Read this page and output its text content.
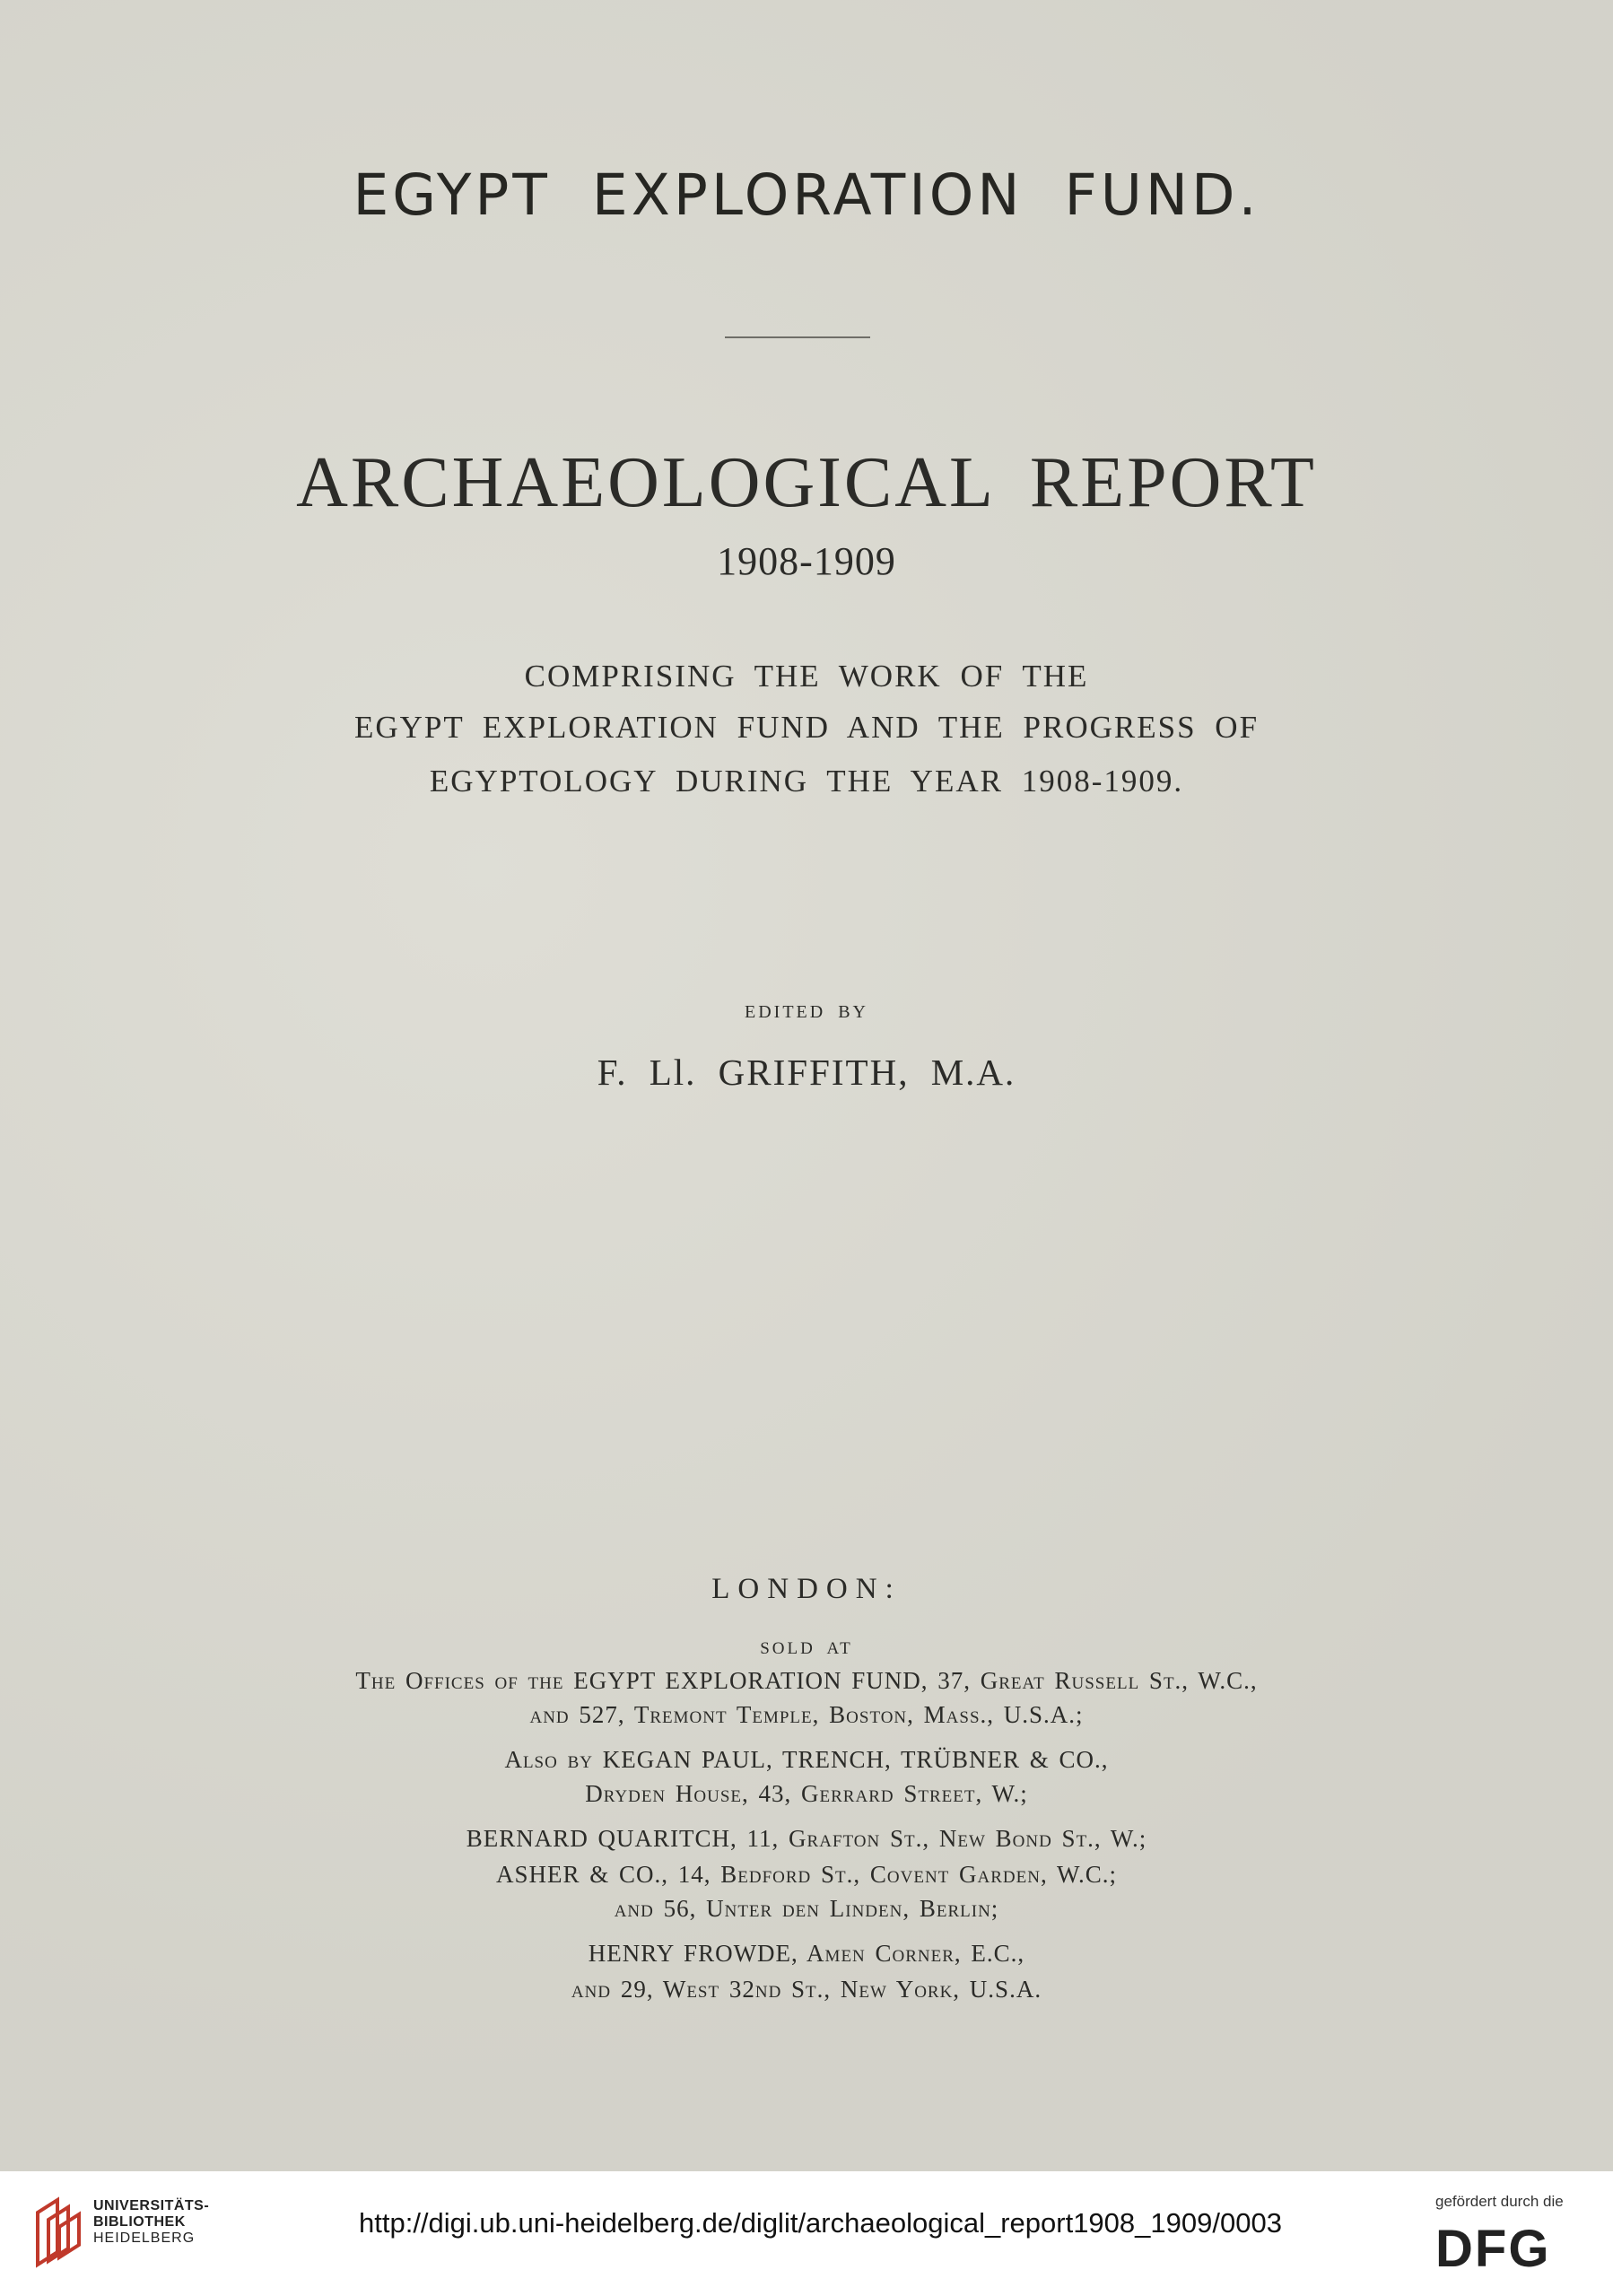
EGYPT EXPLORATION FUND.
ARCHAEOLOGICAL REPORT
1908-1909
COMPRISING THE WORK OF THE
EGYPT EXPLORATION FUND AND THE PROGRESS OF
EGYPTOLOGY DURING THE YEAR 1908-1909.
EDITED BY
F. Ll. GRIFFITH, M.A.
LONDON:
SOLD AT
The Offices of the EGYPT EXPLORATION FUND, 37, Great Russell St., W.C.,
and 527, Tremont Temple, Boston, Mass., U.S.A.;
Also by KEGAN PAUL, TRENCH, TRÜBNER & CO.,
Dryden House, 43, Gerrard Street, W.;
BERNARD QUARITCH, 11, Grafton St., New Bond St., W.;
ASHER & CO., 14, Bedford St., Covent Garden, W.C.;
and 56, Unter den Linden, Berlin;
HENRY FROWDE, Amen Corner, E.C.,
and 29, West 32nd St., New York, U.S.A.
UNIVERSITÄTS-
BIBLIOTHEK
HEIDELBERG	http://digi.ub.uni-heidelberg.de/diglit/archaeological_report1908_1909/0003
gefördert durch die
DFG
